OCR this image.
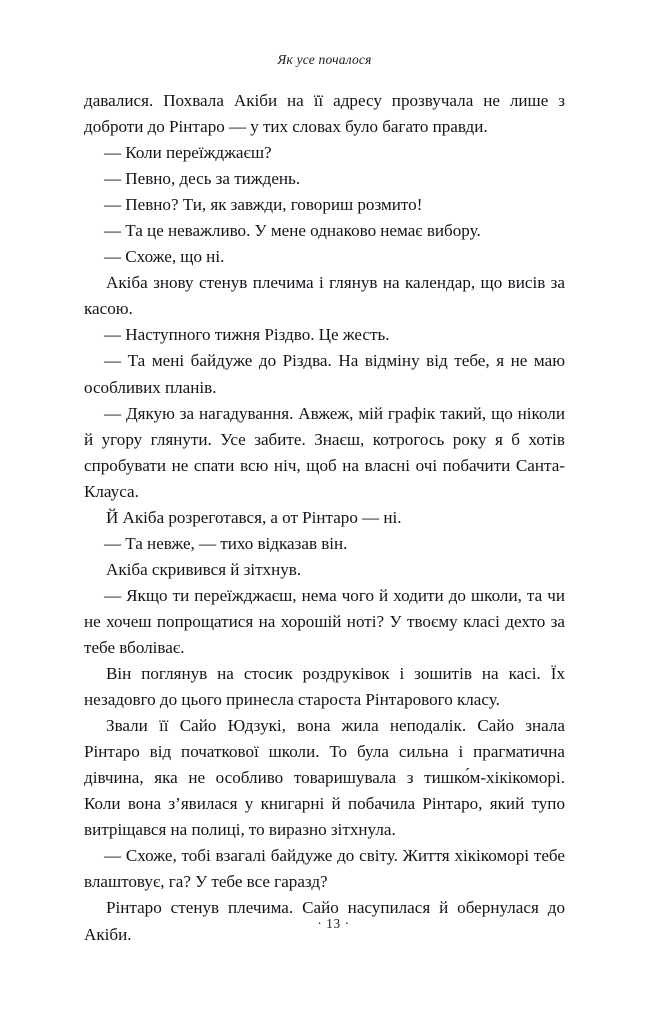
Як усе почалося

давалися. Похвала Акіби на її адресу прозвучала не лише з доброти до Рінтаро — у тих словах було багато правди.

— Коли переїжджаєш?

— Певно, десь за тиждень.

— Певно? Ти, як завжди, говориш розмито!

— Та це неважливо. У мене однаково немає вибору.

— Схоже, що ні.

Акіба знову стенув плечима і глянув на календар, що висів за касою.

— Наступного тижня Різдво. Це жесть.

— Та мені байдуже до Різдва. На відміну від тебе, я не маю особливих планів.

— Дякую за нагадування. Авжеж, мій графік такий, що ніколи й угору глянути. Усе забите. Знаєш, котрогось року я б хотів спробувати не спати всю ніч, щоб на власні очі побачити Санта-Клауса.

Й Акіба розреготався, а от Рінтаро — ні.

— Та невже, — тихо відказав він.

Акіба скривився й зітхнув.

— Якщо ти переїжджаєш, нема чого й ходити до школи, та чи не хочеш попрощатися на хорошій ноті? У твоєму класі дехто за тебе вболіває.

Він поглянув на стосик роздруківок і зошитів на касі. Їх незадовго до цього принесла староста Рінтарового класу.

Звали її Сайо Юдзукі, вона жила неподалік. Сайо знала Рінтаро від початкової школи. То була сильна і прагматична дівчина, яка не особливо товаришувала з тишко́м-хікікоморі. Коли вона з’явилася у книгарні й побачила Рінтаро, який тупо витріщався на полиці, то виразно зітхнула.

— Схоже, тобі взагалі байдуже до світу. Життя хікікоморі тебе влаштовує, га? У тебе все гаразд?

Рінтаро стенув плечима. Сайо насупилася й обернулася до Акіби.

· 13 ·
